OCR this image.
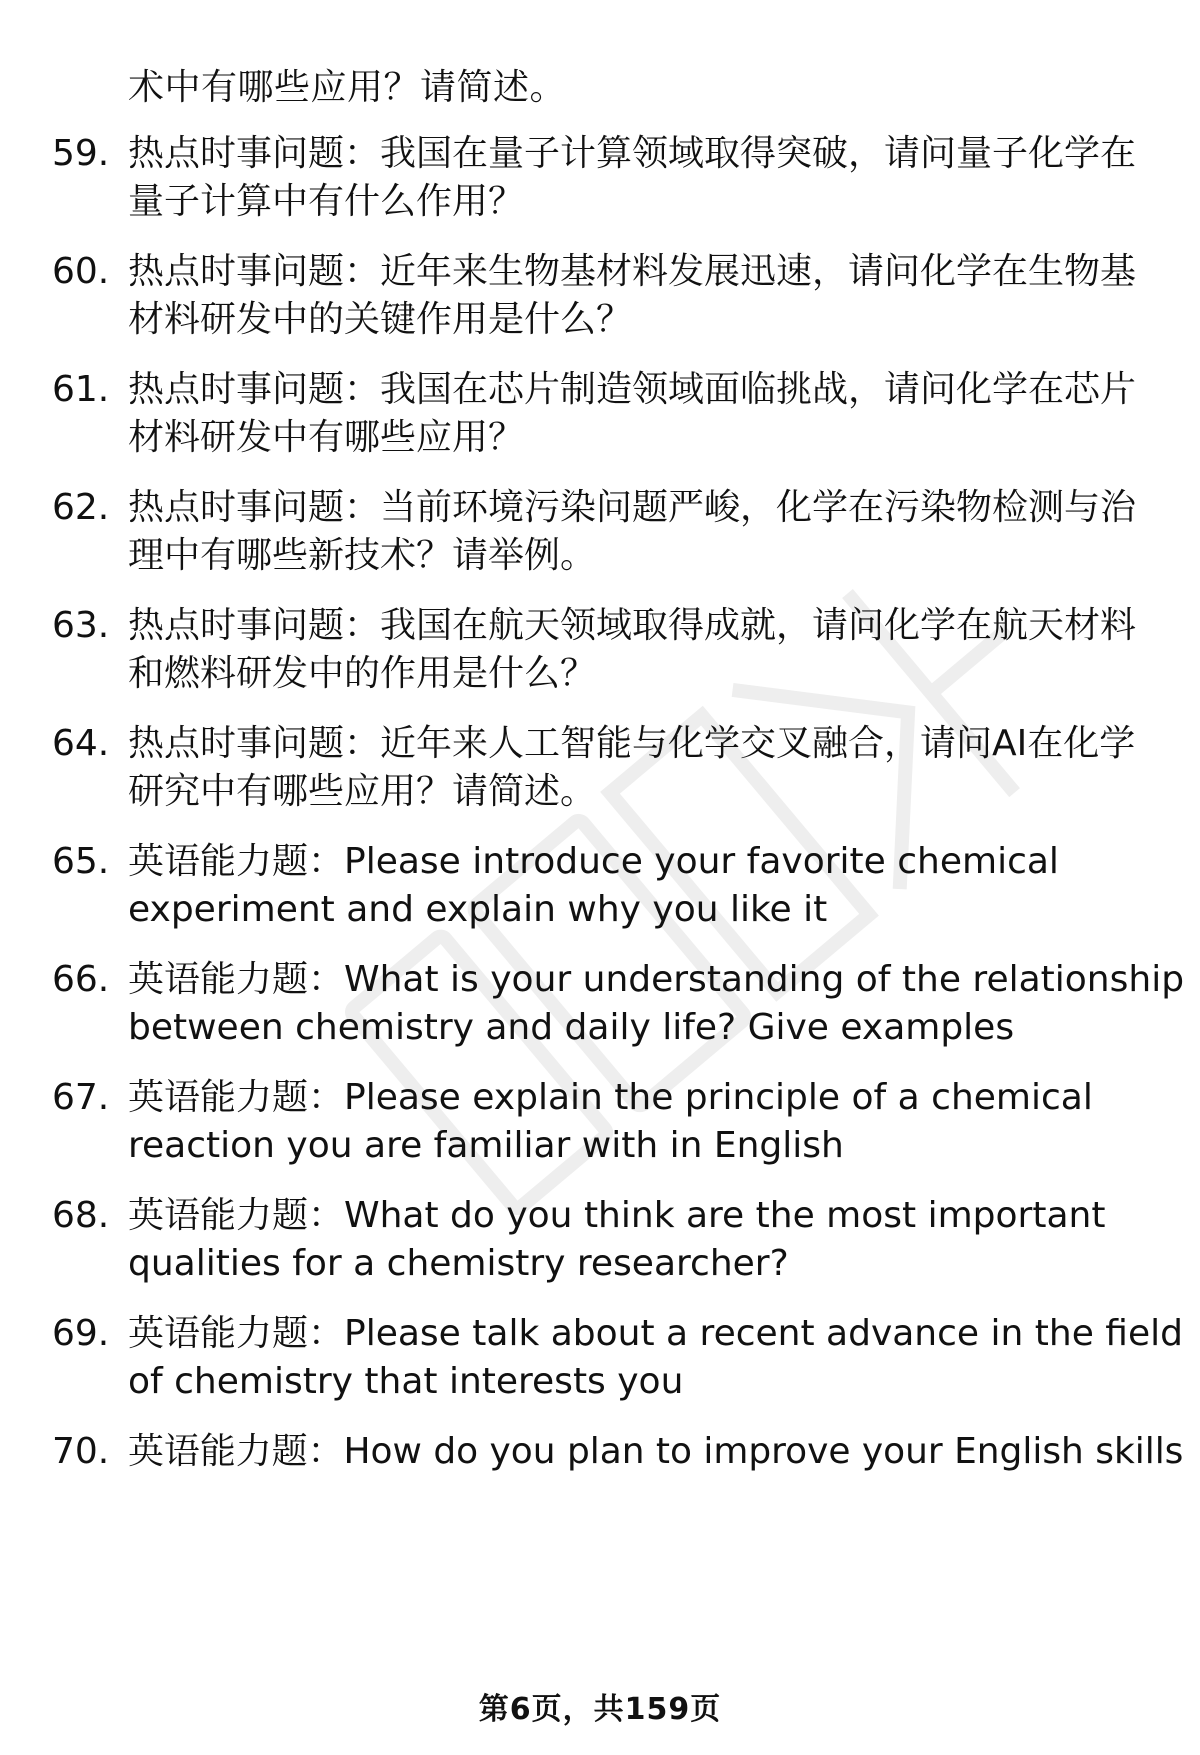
术中有哪些应用？请简述。
59. 热点时事问题：我国在量子计算领域取得突破，请问量子化学在
量子计算中有什么作用？
60. 热点时事问题：近年来生物基材料发展迅速，请问化学在生物基
材料研发中的关键作用是什么？
61. 热点时事问题：我国在芯片制造领域面临挑战，请问化学在芯片
材料研发中有哪些应用？
62. 热点时事问题：当前环境污染问题严峻，化学在污染物检测与治
理中有哪些新技术？请举例。
63. 热点时事问题：我国在航天领域取得成就，请问化学在航天材料
和燃料研发中的作用是什么？
64. 热点时事问题：近年来人工智能与化学交叉融合，请问AI在化学
研究中有哪些应用？请简述。
65. 英语能力题：Please introduce your favorite chemical
experiment and explain why you like it
66. 英语能力题：What is your understanding of the relationship
between chemistry and daily life? Give examples
67. 英语能力题：Please explain the principle of a chemical
reaction you are familiar with in English
68. 英语能力题：What do you think are the most important
qualities for a chemistry researcher?
69. 英语能力题：Please talk about a recent advance in the field
of chemistry that interests you
70. 英语能力题：How do you plan to improve your English skills
第6页，共159页
